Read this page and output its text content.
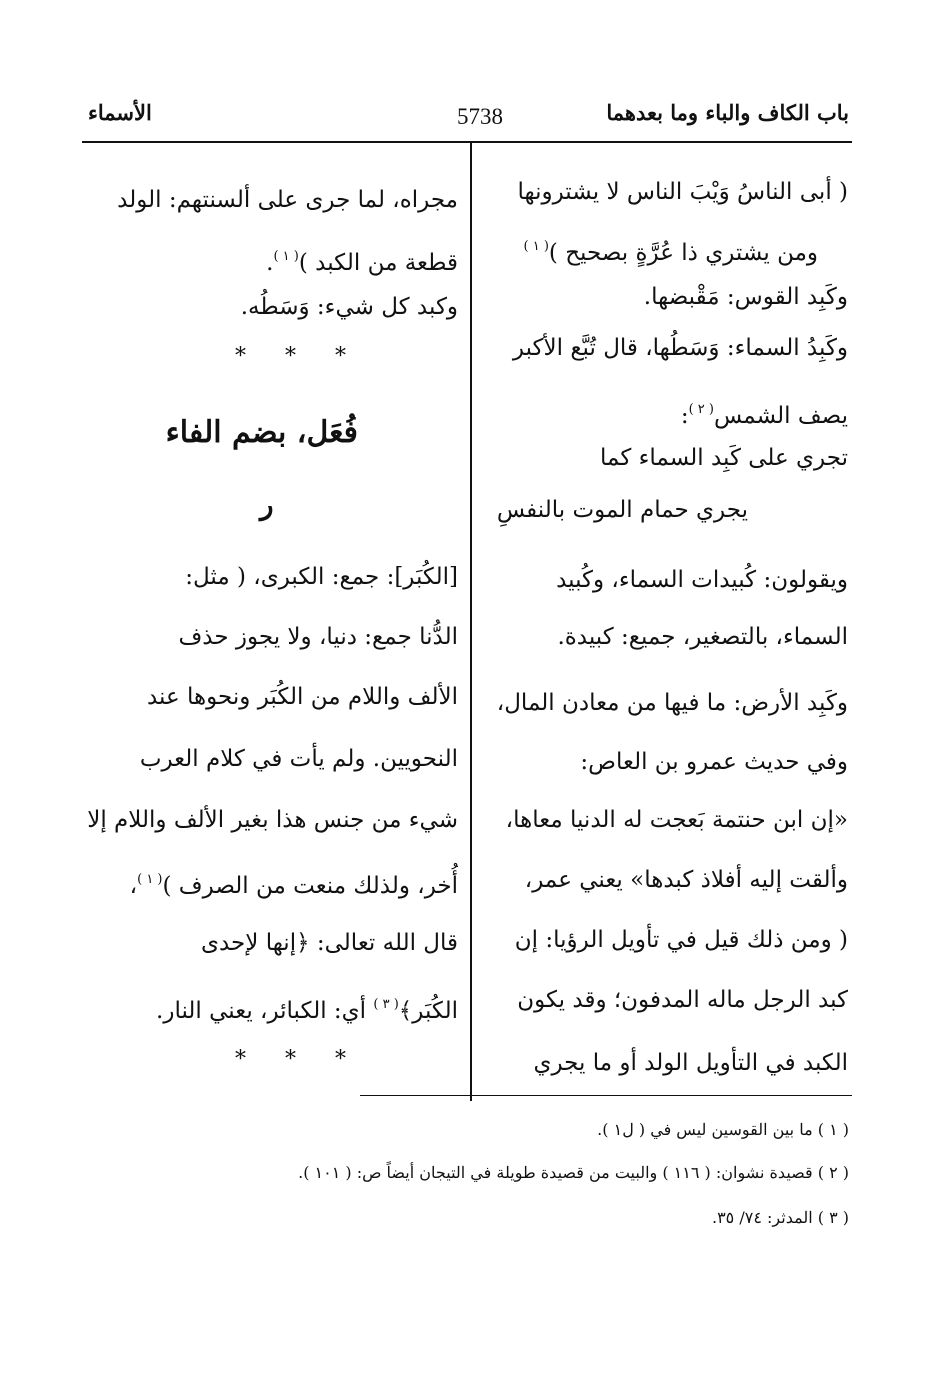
باب الكاف والباء وما بعدهما
5738
الأسماء
( أبى الناسُ وَيْبَ الناس لا يشترونها
ومن يشتري ذا عُرَّةٍ بصحيح )$^{( ١ )}$
وكَبِد القوس: مَقْبضها.
وكَبِدُ السماء: وَسَطُها، قال تُبَّع الأكبر
يصف الشمس$^{( ٢ )}$:
تجري على كَبِد السماء كما
يجري حمام الموت بالنفسِ
ويقولون: كُبيدات السماء، وكُبيد
السماء، بالتصغير، جميع: كبيدة.
وكَبِد الأرض: ما فيها من معادن المال،
وفي حديث عمرو بن العاص:
«إن ابن حنتمة بَعجت له الدنيا معاها،
وألقت إليه أفلاذ كبدها» يعني عمر،
( ومن ذلك قيل في تأويل الرؤيا: إن
كبد الرجل ماله المدفون؛ وقد يكون
الكبد في التأويل الولد أو ما يجري
مجراه، لما جرى على ألسنتهم: الولد
قطعة من الكبد )$^{( ١ )}$.
وكبد كل شيء: وَسَطُه.
* * *
فُعَل، بضم الفاء
ر
[الكُبَر]: جمع: الكبرى، ( مثل:
الدُّنا جمع: دنيا، ولا يجوز حذف
الألف واللام من الكُبَر ونحوها عند
النحويين. ولم يأت في كلام العرب
شيء من جنس هذا بغير الألف واللام إلا
أُخر، ولذلك منعت من الصرف )$^{( ١ )}$،
قال الله تعالى: ﴿إنها لإحدى
الكُبَر﴾$^{( ٣ )}$ أي: الكبائر، يعني النار.
* * *
( ١ ) ما بين القوسين ليس في ( ل١ ).
( ٢ ) قصيدة نشوان: ( ١١٦ ) والبيت من قصيدة طويلة في التيجان أيضاً ص: ( ١٠١ ).
( ٣ ) المدثر: ٧٤/ ٣٥.
